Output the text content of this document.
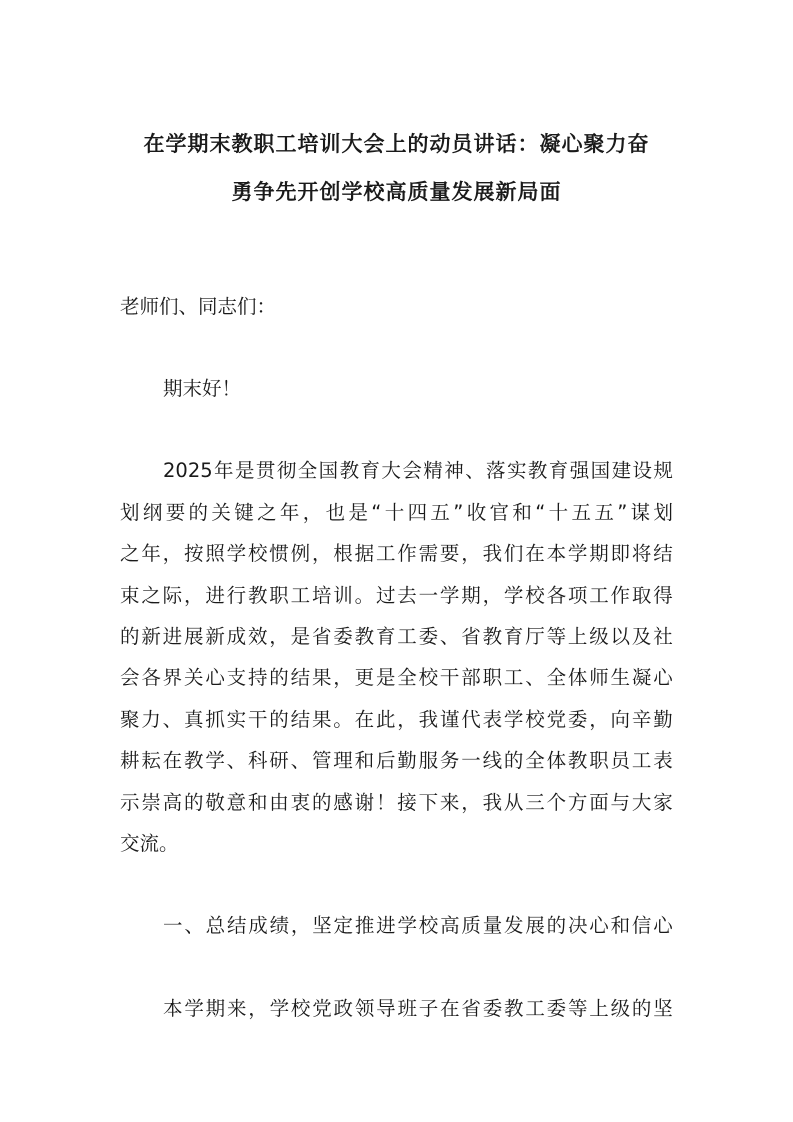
在学期末教职工培训大会上的动员讲话：凝心聚力奋
勇争先开创学校高质量发展新局面
老师们、同志们：
期末好！
2025 年 是 贯 彻 全 国 教 育 大 会 精 神 、 落 实 教 育 强 国 建 设 规
划 纲 要 的 关 键 之 年 ， 也 是 “ 十 四 五 ” 收 官 和 “ 十 五 五 ” 谋 划
之 年 ， 按 照 学 校 惯 例 ， 根 据 工 作 需 要 ， 我 们 在 本 学 期 即 将 结
束 之 际 ， 进 行 教 职 工 培 训 。 过 去 一 学 期 ， 学 校 各 项 工 作 取 得
的 新 进 展 新 成 效 ， 是 省 委 教 育 工 委 、 省 教 育 厅 等 上 级 以 及 社
会 各 界 关 心 支 持 的 结 果 ， 更 是 全 校 干 部 职 工 、 全 体 师 生 凝 心
聚 力 、 真 抓 实 干 的 结 果 。 在 此 ， 我 谨 代 表 学 校 党 委 ， 向 辛 勤
耕 耘 在 教 学 、 科 研 、 管 理 和 后 勤 服 务 一 线 的 全 体 教 职 员 工 表
示 崇 高 的 敬 意 和 由 衷 的 感 谢 ！ 接 下 来 ， 我 从 三 个 方 面 与 大 家
交流。
一 、 总 结 成 绩 ， 坚 定 推 进 学 校 高 质 量 发 展 的 决 心 和 信 心
本 学 期 来 ， 学 校 党 政 领 导 班 子 在 省 委 教 工 委 等 上 级 的 坚
